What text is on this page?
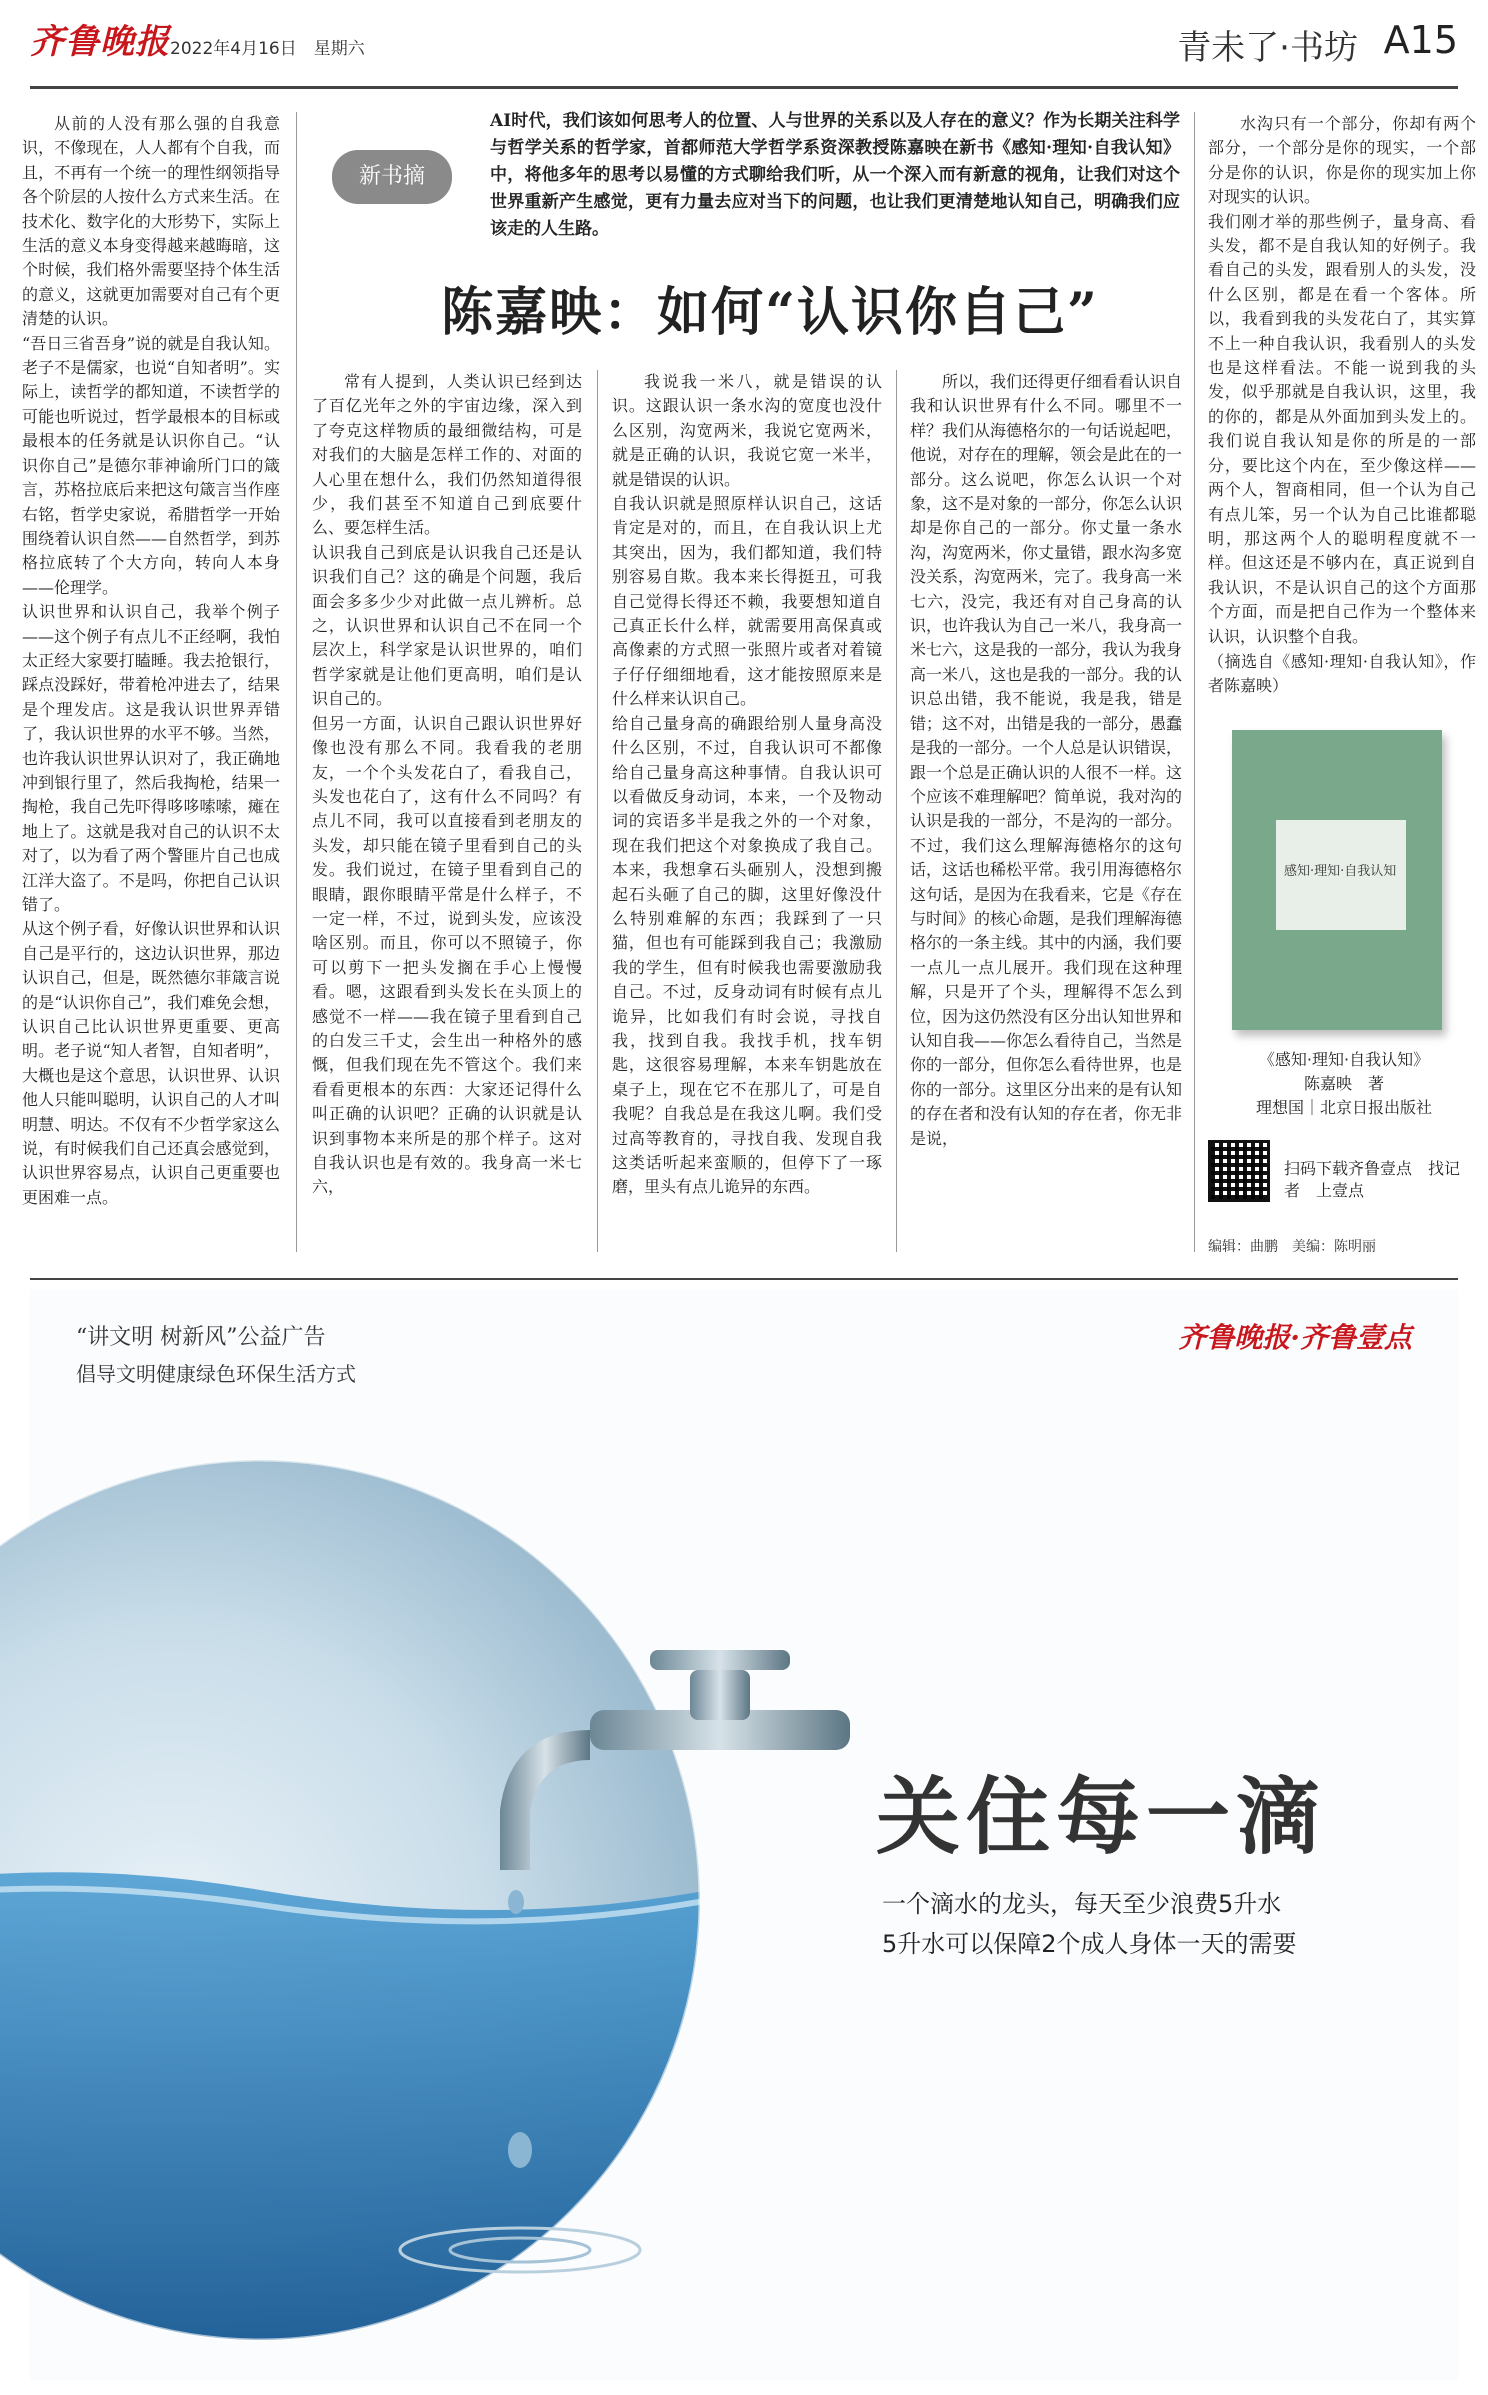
齐鲁晚报 2022年4月16日　星期六	青未了·书坊 A15
新书摘
AI时代，我们该如何思考人的位置、人与世界的关系以及人存在的意义？作为长期关注科学与哲学关系的哲学家，首都师范大学哲学系资深教授陈嘉映在新书《感知·理知·自我认知》中，将他多年的思考以易懂的方式聊给我们听，从一个深入而有新意的视角，让我们对这个世界重新产生感觉，更有力量去应对当下的问题，也让我们更清楚地认知自己，明确我们应该走的人生路。
陈嘉映：如何“认识你自己”
从前的人没有那么强的自我意识，不像现在，人人都有个自我，而且，不再有一个统一的理性纲领指导各个阶层的人按什么方式来生活。在技术化、数字化的大形势下，实际上生活的意义本身变得越来越晦暗，这个时候，我们格外需要坚持个体生活的意义，这就更加需要对自己有个更清楚的认识。
“吾日三省吾身”说的就是自我认知。老子不是儒家，也说“自知者明”。实际上，读哲学的都知道，不读哲学的可能也听说过，哲学最根本的目标或最根本的任务就是认识你自己。“认识你自己”是德尔菲神谕所门口的箴言，苏格拉底后来把这句箴言当作座右铭，哲学史家说，希腊哲学一开始围绕着认识自然——自然哲学，到苏格拉底转了个大方向，转向人本身——伦理学。
认识世界和认识自己，我举个例子——这个例子有点儿不正经啊，我怕太正经大家要打瞌睡。我去抢银行，踩点没踩好，带着枪冲进去了，结果是个理发店。这是我认识世界弄错了，我认识世界的水平不够。当然，也许我认识世界认识对了，我正确地冲到银行里了，然后我掏枪，结果一掏枪，我自己先吓得哆哆嗦嗦，瘫在地上了。这就是我对自己的认识不太对了，以为看了两个警匪片自己也成江洋大盗了。不是吗，你把自己认识错了。
从这个例子看，好像认识世界和认识自己是平行的，这边认识世界，那边认识自己，但是，既然德尔菲箴言说的是“认识你自己”，我们难免会想，认识自己比认识世界更重要、更高明。老子说“知人者智，自知者明”，大概也是这个意思，认识世界、认识他人只能叫聪明，认识自己的人才叫明慧、明达。不仅有不少哲学家这么说，有时候我们自己还真会感觉到，认识世界容易点，认识自己更重要也更困难一点。
常有人提到，人类认识已经到达了百亿光年之外的宇宙边缘，深入到了夸克这样物质的最细微结构，可是对我们的大脑是怎样工作的、对面的人心里在想什么，我们仍然知道得很少，我们甚至不知道自己到底要什么、要怎样生活。
认识我自己到底是认识我自己还是认识我们自己？这的确是个问题，我后面会多多少少对此做一点儿辨析。总之，认识世界和认识自己不在同一个层次上，科学家是认识世界的，咱们哲学家就是让他们更高明，咱们是认识自己的。
但另一方面，认识自己跟认识世界好像也没有那么不同。我看我的老朋友，一个个头发花白了，看我自己，头发也花白了，这有什么不同吗？有点儿不同，我可以直接看到老朋友的头发，却只能在镜子里看到自己的头发。我们说过，在镜子里看到自己的眼睛，跟你眼睛平常是什么样子，不一定一样，不过，说到头发，应该没啥区别。而且，你可以不照镜子，你可以剪下一把头发搁在手心上慢慢看。嗯，这跟看到头发长在头顶上的感觉不一样——我在镜子里看到自己的白发三千丈，会生出一种格外的感慨，但我们现在先不管这个。我们来看看更根本的东西：大家还记得什么叫正确的认识吧？正确的认识就是认识到事物本来所是的那个样子。这对自我认识也是有效的。我身高一米七六，
我说我一米八，就是错误的认识。这跟认识一条水沟的宽度也没什么区别，沟宽两米，我说它宽两米，就是正确的认识，我说它宽一米半，就是错误的认识。
自我认识就是照原样认识自己，这话肯定是对的，而且，在自我认识上尤其突出，因为，我们都知道，我们特别容易自欺。我本来长得挺丑，可我自己觉得长得还不赖，我要想知道自己真正长什么样，就需要用高保真或高像素的方式照一张照片或者对着镜子仔仔细细地看，这才能按照原来是什么样来认识自己。
给自己量身高的确跟给别人量身高没什么区别，不过，自我认识可不都像给自己量身高这种事情。自我认识可以看做反身动词，本来，一个及物动词的宾语多半是我之外的一个对象，现在我们把这个对象换成了我自己。本来，我想拿石头砸别人，没想到搬起石头砸了自己的脚，这里好像没什么特别难解的东西；我踩到了一只猫，但也有可能踩到我自己；我激励我的学生，但有时候我也需要激励我自己。不过，反身动词有时候有点儿诡异，比如我们有时会说，寻找自我，找到自我。我找手机，找车钥匙，这很容易理解，本来车钥匙放在桌子上，现在它不在那儿了，可是自我呢？自我总是在我这儿啊。我们受过高等教育的，寻找自我、发现自我这类话听起来蛮顺的，但停下了一琢磨，里头有点儿诡异的东西。
所以，我们还得更仔细看看认识自我和认识世界有什么不同。哪里不一样？我们从海德格尔的一句话说起吧，他说，对存在的理解，领会是此在的一部分。这么说吧，你怎么认识一个对象，这不是对象的一部分，你怎么认识却是你自己的一部分。你丈量一条水沟，沟宽两米，你丈量错，跟水沟多宽没关系，沟宽两米，完了。我身高一米七六，没完，我还有对自己身高的认识，也许我认为自己一米八，我身高一米七六，这是我的一部分，我认为我身高一米八，这也是我的一部分。我的认识总出错，我不能说，我是我，错是错；这不对，出错是我的一部分，愚蠢是我的一部分。一个人总是认识错误，跟一个总是正确认识的人很不一样。这个应该不难理解吧？简单说，我对沟的认识是我的一部分，不是沟的一部分。
不过，我们这么理解海德格尔的这句话，这话也稀松平常。我引用海德格尔这句话，是因为在我看来，它是《存在与时间》的核心命题，是我们理解海德格尔的一条主线。其中的内涵，我们要一点儿一点儿展开。我们现在这种理解，只是开了个头，理解得不怎么到位，因为这仍然没有区分出认知世界和认知自我——你怎么看待自己，当然是你的一部分，但你怎么看待世界，也是你的一部分。这里区分出来的是有认知的存在者和没有认知的存在者，你无非是说，
水沟只有一个部分，你却有两个部分，一个部分是你的现实，一个部分是你的认识，你是你的现实加上你对现实的认识。
我们刚才举的那些例子，量身高、看头发，都不是自我认知的好例子。我看自己的头发，跟看别人的头发，没什么区别，都是在看一个客体。所以，我看到我的头发花白了，其实算不上一种自我认识，我看别人的头发也是这样看法。不能一说到我的头发，似乎那就是自我认识，这里，我的你的，都是从外面加到头发上的。我们说自我认知是你的所是的一部分，要比这个内在，至少像这样——两个人，智商相同，但一个认为自己有点儿笨，另一个认为自己比谁都聪明，那这两个人的聪明程度就不一样。但这还是不够内在，真正说到自我认识，不是认识自己的这个方面那个方面，而是把自己作为一个整体来认识，认识整个自我。
（摘选自《感知·理知·自我认知》，作者陈嘉映）
感知·理知·自我认知
《感知·理知·自我认知》
陈嘉映　著
理想国｜北京日报出版社
扫码下载齐鲁壹点　找记者　上壹点
编辑：曲鹏　美编：陈明丽
“讲文明 树新风”公益广告
倡导文明健康绿色环保生活方式
齐鲁晚报·齐鲁壹点
关住每一滴
一个滴水的龙头，每天至少浪费5升水
5升水可以保障2个成人身体一天的需要
